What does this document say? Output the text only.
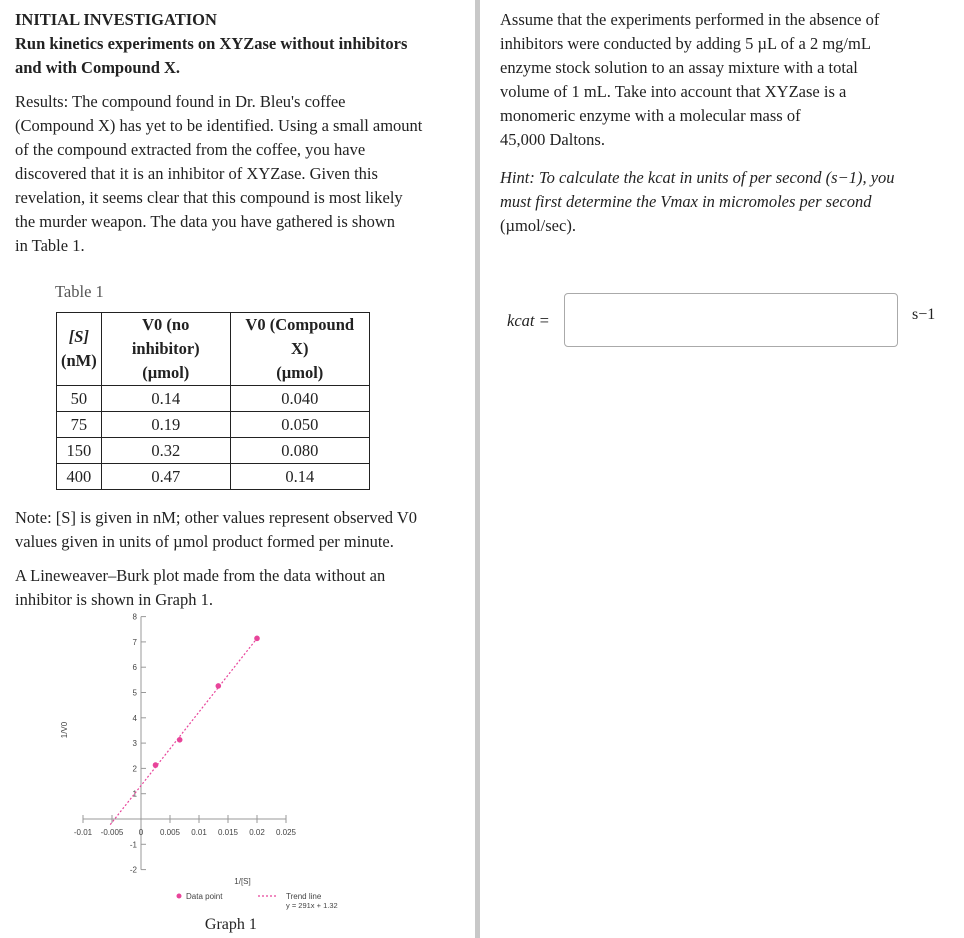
INITIAL INVESTIGATION

Run kinetics experiments on XYZase without inhibitors

and with Compound X.

Results: The compound found in Dr. Bleu's coffee

(Compound X) has yet to be identified. Using a small amount

of the compound extracted from the coffee, you have

discovered that it is an inhibitor of XYZase. Given this

revelation, it seems clear that this compound is most likely

the murder weapon. The data you have gathered is shown

in Table 1.

Table 1

[S]
(nM)	V0 (no
inhibitor)
(µmol)	V0 (Compound
X)
(µmol)
50	0.14	0.040
75	0.19	0.050
150	0.32	0.080
400	0.47	0.14

Note: [S] is given in nM; other values represent observed V0

values given in units of µmol product formed per minute.

A Lineweaver–Burk plot made from the data without an

inhibitor is shown in Graph 1.

-0.01 -0.005 0 0.005 0.01 0.015 0.02 0.025
-2
-1
1
2
3
4
5
6
7
8
1/[S]
1/V0
Data point	Trend line
y = 291x + 1.32
Graph 1

Assume that the experiments performed in the absence of

inhibitors were conducted by adding 5 µL of a 2 mg/mL

enzyme stock solution to an assay mixture with a total

volume of 1 mL. Take into account that XYZase is a

monomeric enzyme with a molecular mass of

45,000 Daltons.

Hint: To calculate the kcat in units of per second (s−1), you

must first determine the Vmax in micromoles per second

(µmol/sec).

kcat =	s−1
